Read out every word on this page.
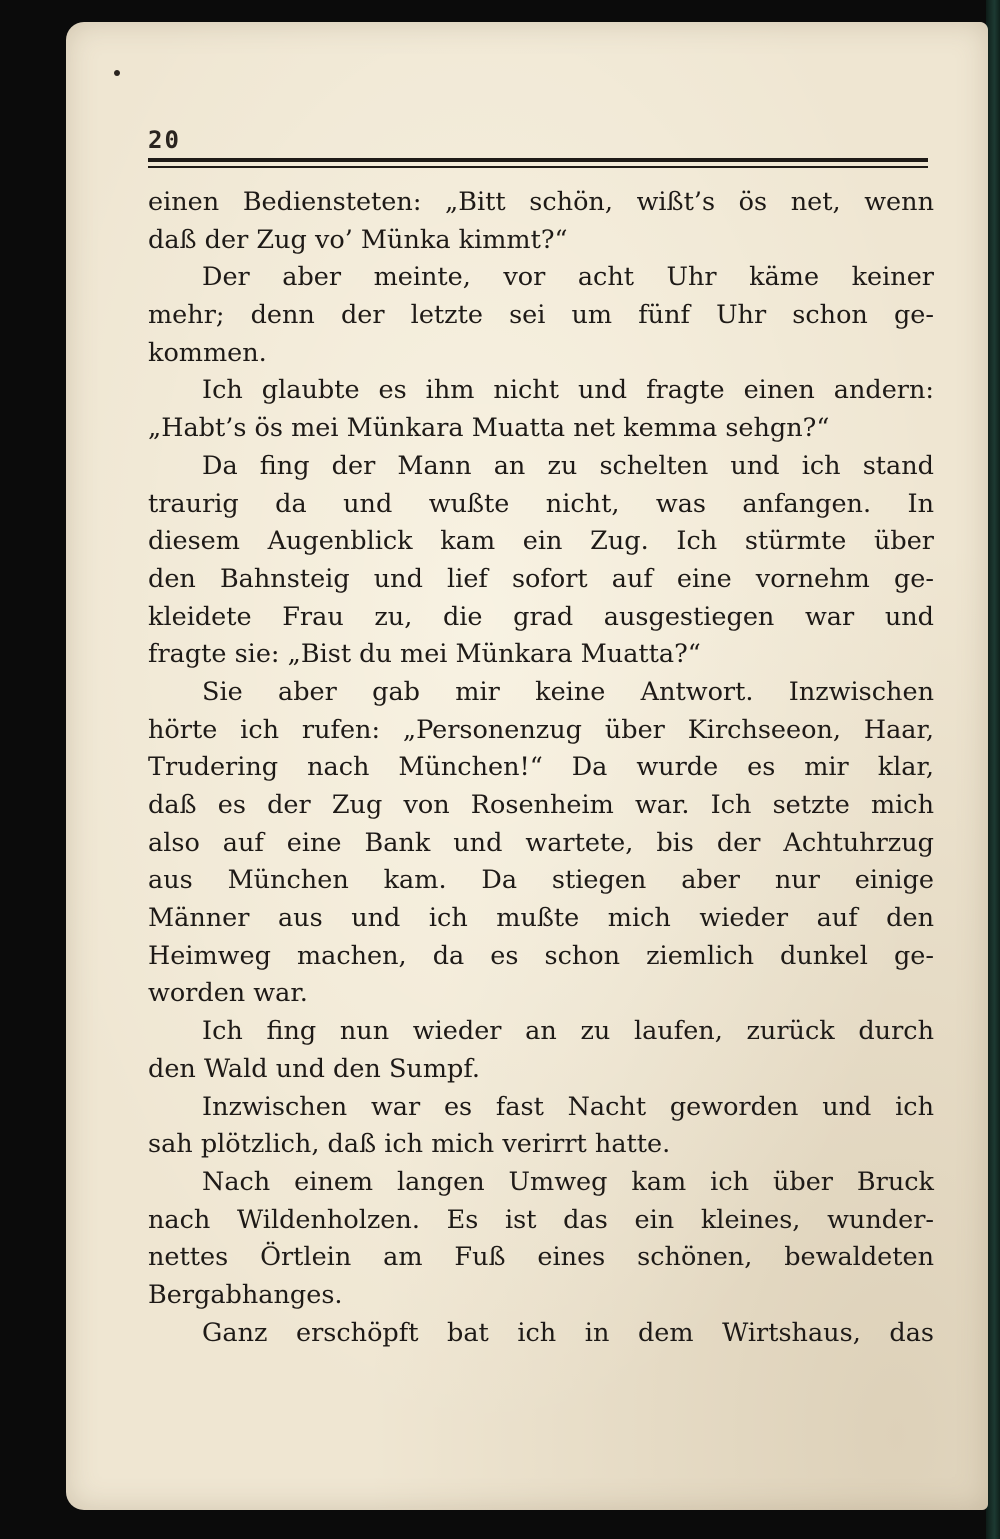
20
einen Bediensteten: „Bitt schön, wißt’s ös net, wenn
daß der Zug vo’ Münka kimmt?“
Der aber meinte, vor acht Uhr käme keiner
mehr; denn der letzte sei um fünf Uhr schon ge-
kommen.
Ich glaubte es ihm nicht und fragte einen andern:
„Habt’s ös mei Münkara Muatta net kemma sehgn?“
Da fing der Mann an zu schelten und ich stand
traurig da und wußte nicht, was anfangen. In
diesem Augenblick kam ein Zug. Ich stürmte über
den Bahnsteig und lief sofort auf eine vornehm ge-
kleidete Frau zu, die grad ausgestiegen war und
fragte sie: „Bist du mei Münkara Muatta?“
Sie aber gab mir keine Antwort. Inzwischen
hörte ich rufen: „Personenzug über Kirchseeon, Haar,
Trudering nach München!“ Da wurde es mir klar,
daß es der Zug von Rosenheim war. Ich setzte mich
also auf eine Bank und wartete, bis der Achtuhrzug
aus München kam. Da stiegen aber nur einige
Männer aus und ich mußte mich wieder auf den
Heimweg machen, da es schon ziemlich dunkel ge-
worden war.
Ich fing nun wieder an zu laufen, zurück durch
den Wald und den Sumpf.
Inzwischen war es fast Nacht geworden und ich
sah plötzlich, daß ich mich verirrt hatte.
Nach einem langen Umweg kam ich über Bruck
nach Wildenholzen. Es ist das ein kleines, wunder-
nettes Örtlein am Fuß eines schönen, bewaldeten
Bergabhanges.
Ganz erschöpft bat ich in dem Wirtshaus, das
